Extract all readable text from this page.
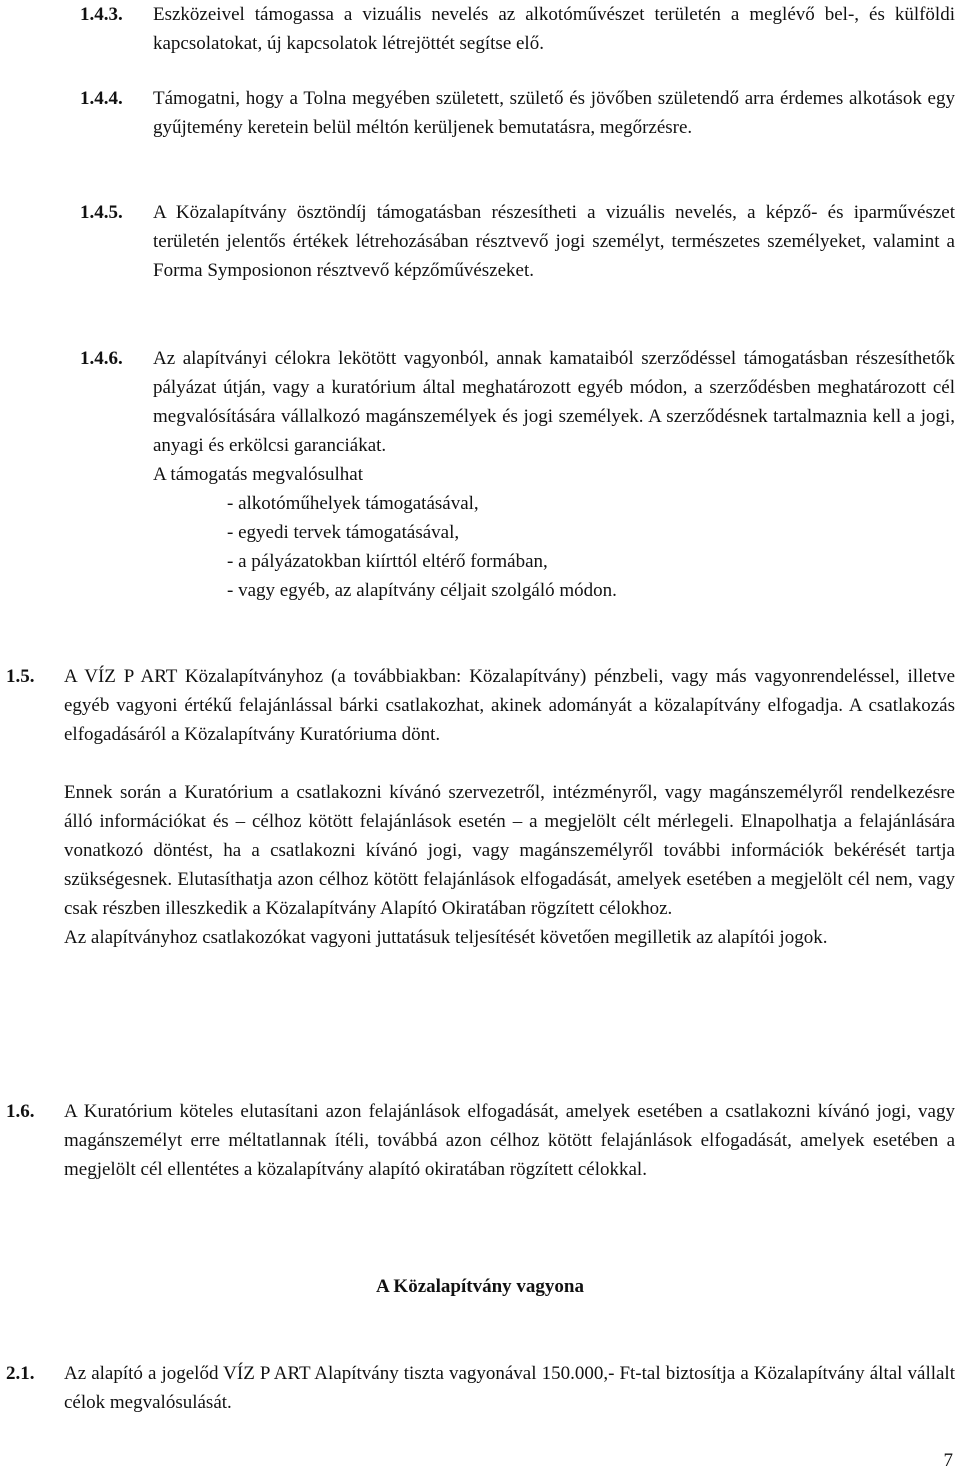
1.4.3. Eszközeivel támogassa a vizuális nevelés az alkotóművészet területén a meglévő bel-, és külföldi kapcsolatokat, új kapcsolatok létrejöttét segítse elő.
1.4.4. Támogatni, hogy a Tolna megyében született, születő és jövőben születendő arra érdemes alkotások egy gyűjtemény keretein belül méltón kerüljenek bemutatásra, megőrzésre.
1.4.5. A Közalapítvány ösztöndíj támogatásban részesítheti a vizuális nevelés, a képző- és iparművészet területén jelentős értékek létrehozásában résztvevő jogi személyt, természetes személyeket, valamint a Forma Symposionon résztvevő képzőművészeket.
1.4.6. Az alapítványi célokra lekötött vagyonból, annak kamataiból szerződéssel támogatásban részesíthetők pályázat útján, vagy a kuratórium által meghatározott egyéb módon, a szerződésben meghatározott cél megvalósítására vállalkozó magánszemélyek és jogi személyek. A szerződésnek tartalmaznia kell a jogi, anyagi és erkölcsi garanciákat.
A támogatás megvalósulhat
- alkotóműhelyek támogatásával,
- egyedi tervek támogatásával,
- a pályázatokban kiírttól eltérő formában,
- vagy egyéb, az alapítvány céljait szolgáló módon.
1.5. A VÍZ P ART Közalapítványhoz (a továbbiakban: Közalapítvány) pénzbeli, vagy más vagyonrendeléssel, illetve egyéb vagyoni értékű felajánlással bárki csatlakozhat, akinek adományát a közalapítvány elfogadja. A csatlakozás elfogadásáról a Közalapítvány Kuratóriuma dönt.
Ennek során a Kuratórium a csatlakozni kívánó szervezetről, intézményről, vagy magánszemélyről rendelkezésre álló információkat és – célhoz kötött felajánlások esetén – a megjelölt célt mérlegeli. Elnapolhatja a felajánlására vonatkozó döntést, ha a csatlakozni kívánó jogi, vagy magánszemélyről további információk bekérését tartja szükségesnek. Elutasíthatja azon célhoz kötött felajánlások elfogadását, amelyek esetében a megjelölt cél nem, vagy csak részben illeszkedik a Közalapítvány Alapító Okiratában rögzített célokhoz.
Az alapítványhoz csatlakozókat vagyoni juttatásuk teljesítését követően megilletik az alapítói jogok.
1.6. A Kuratórium köteles elutasítani azon felajánlások elfogadását, amelyek esetében a csatlakozni kívánó jogi, vagy magánszemélyt erre méltatlannak ítéli, továbbá azon célhoz kötött felajánlások elfogadását, amelyek esetében a megjelölt cél ellentétes a közalapítvány alapító okiratában rögzített célokkal.
A Közalapítvány vagyona
2.1. Az alapító a jogelőd VÍZ P ART Alapítvány tiszta vagyonával 150.000,- Ft-tal biztosítja a Közalapítvány által vállalt célok megvalósulását.
7
